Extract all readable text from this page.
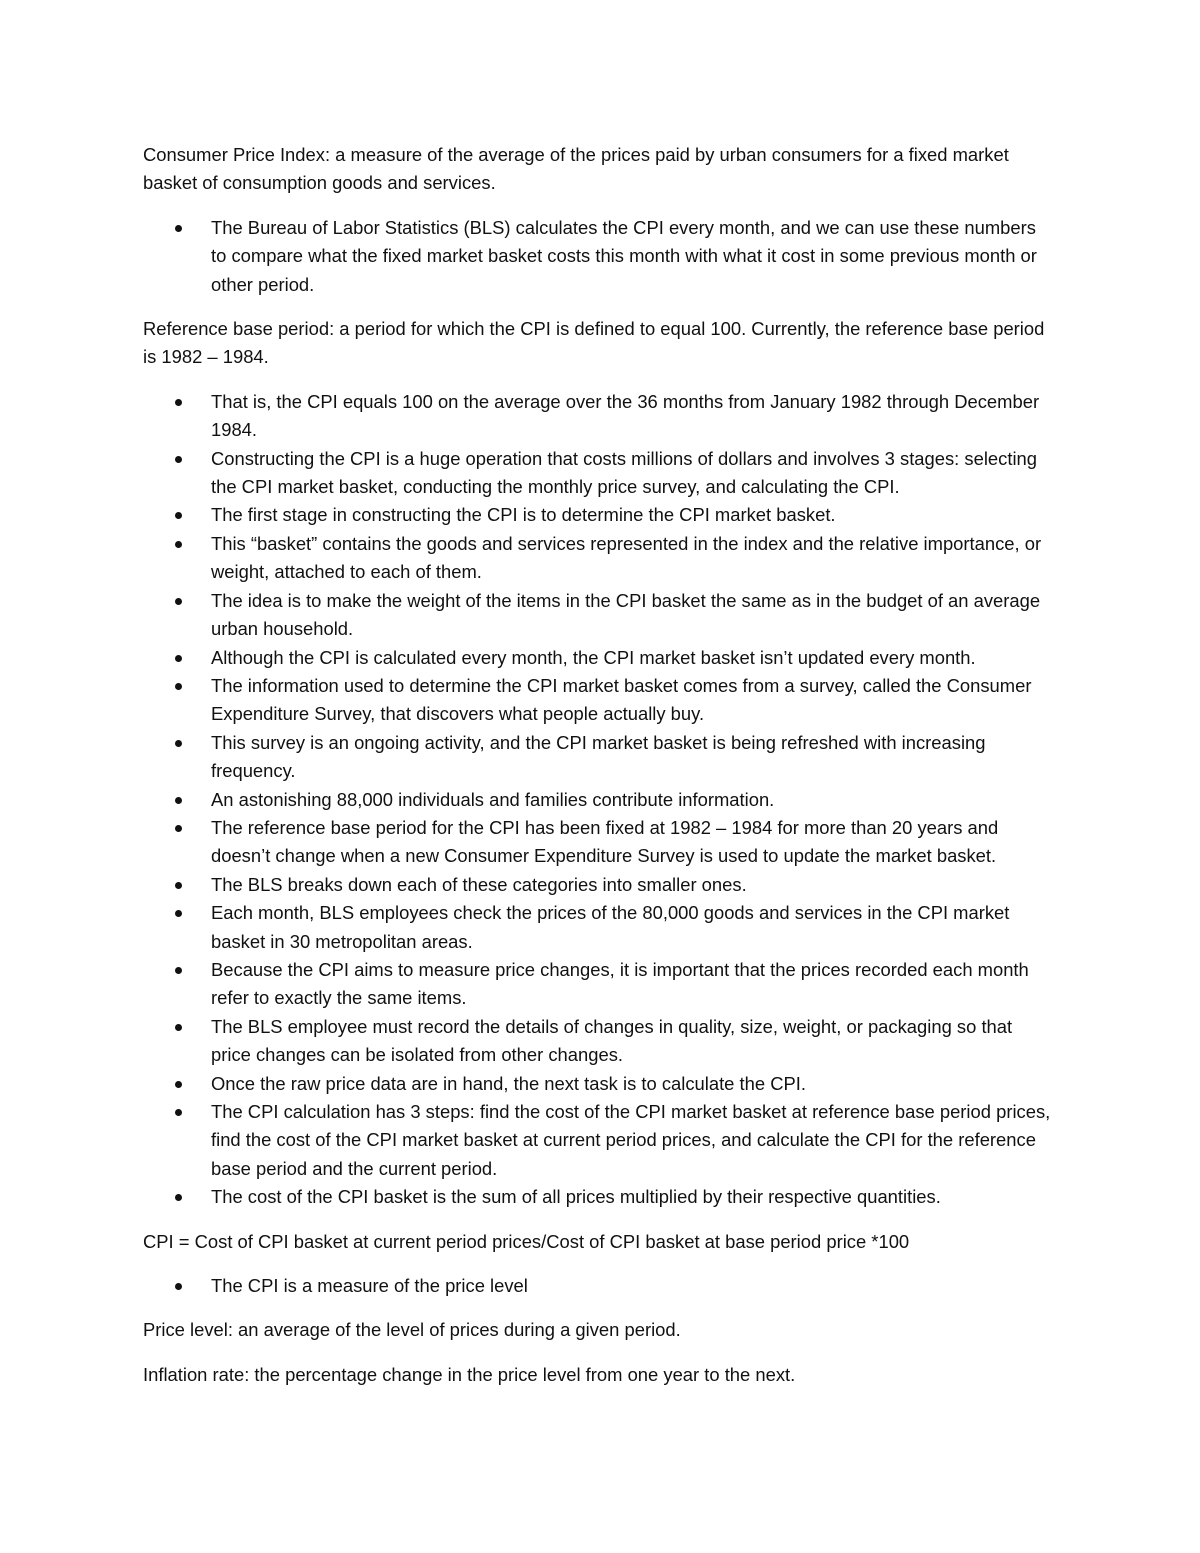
Consumer Price Index: a measure of the average of the prices paid by urban consumers for a fixed market basket of consumption goods and services.

The Bureau of Labor Statistics (BLS) calculates the CPI every month, and we can use these numbers to compare what the fixed market basket costs this month with what it cost in some previous month or other period.

Reference base period: a period for which the CPI is defined to equal 100. Currently, the reference base period is 1982 – 1984.

That is, the CPI equals 100 on the average over the 36 months from January 1982 through December 1984.
Constructing the CPI is a huge operation that costs millions of dollars and involves 3 stages: selecting the CPI market basket, conducting the monthly price survey, and calculating the CPI.
The first stage in constructing the CPI is to determine the CPI market basket.
This “basket” contains the goods and services represented in the index and the relative importance, or weight, attached to each of them.
The idea is to make the weight of the items in the CPI basket the same as in the budget of an average urban household.
Although the CPI is calculated every month, the CPI market basket isn’t updated every month.
The information used to determine the CPI market basket comes from a survey, called the Consumer Expenditure Survey, that discovers what people actually buy.
This survey is an ongoing activity, and the CPI market basket is being refreshed with increasing frequency.
An astonishing 88,000 individuals and families contribute information.
The reference base period for the CPI has been fixed at 1982 – 1984 for more than 20 years and doesn’t change when a new Consumer Expenditure Survey is used to update the market basket.
The BLS breaks down each of these categories into smaller ones.
Each month, BLS employees check the prices of the 80,000 goods and services in the CPI market basket in 30 metropolitan areas.
Because the CPI aims to measure price changes, it is important that the prices recorded each month refer to exactly the same items.
The BLS employee must record the details of changes in quality, size, weight, or packaging so that price changes can be isolated from other changes.
Once the raw price data are in hand, the next task is to calculate the CPI.
The CPI calculation has 3 steps: find the cost of the CPI market basket at reference base period prices, find the cost of the CPI market basket at current period prices, and calculate the CPI for the reference base period and the current period.
The cost of the CPI basket is the sum of all prices multiplied by their respective quantities.

CPI = Cost of CPI basket at current period prices/Cost of CPI basket at base period price *100

The CPI is a measure of the price level

Price level: an average of the level of prices during a given period.

Inflation rate: the percentage change in the price level from one year to the next.
